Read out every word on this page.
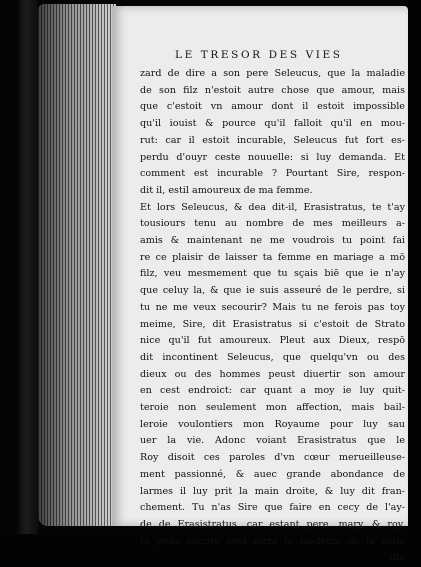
LE TRESOR DES VIES
zard de dire a son pere Seleucus, que la maladie
de son filz n'estoit autre chose que amour, mais
que c'estoit vn amour dont il estoit impossible
qu'il iouist & pource qu'il falloit qu'il en mou-
rut: car il estoit incurable, Seleucus fut fort es-
perdu d'ouyr ceste nouuelle: si luy demanda. Et
comment est incurable ? Pourtant Sire, respon-
dit il, estil amoureux de ma femme.
Et lors Seleucus, & dea dit-il, Erasistratus, te t'ay
tousiours tenu au nombre de mes meilleurs a-
amis & maintenant ne me voudrois tu point fai
re ce plaisir de laisser ta femme en mariage a mō
filz, veu mesmement que tu sçais biē que ie n'ay
que celuy la, & que ie suis asseuré de le perdre, si
tu ne me veux secourir? Mais tu ne ferois pas toy
meime, Sire, dit Erasistratus si c'estoit de Strato
nice qu'il fut amoureux. Pleut aux Dieux, respō
dit incontinent Seleucus, que quelqu'vn ou des
dieux ou des hommes peust diuertir son amour
en cest endroict: car quant a moy ie luy quit-
teroie non seulement mon affection, mais bail-
leroie voulontiers mon Royaume pour luy sau
uer la vie. Adonc voiant Erasistratus que le
Roy disoit ces paroles d'vn cœur merueilleuse-
ment passionné, & auec grande abondance de
larmes il luy prit la main droite, & luy dit fran-
chement. Tu n'as Sire que faire en cecy de l'ay-
de de Erasistratus, car estant pere, mary, & roy,
tu peux encore seul estre le medecin de la mala
die
